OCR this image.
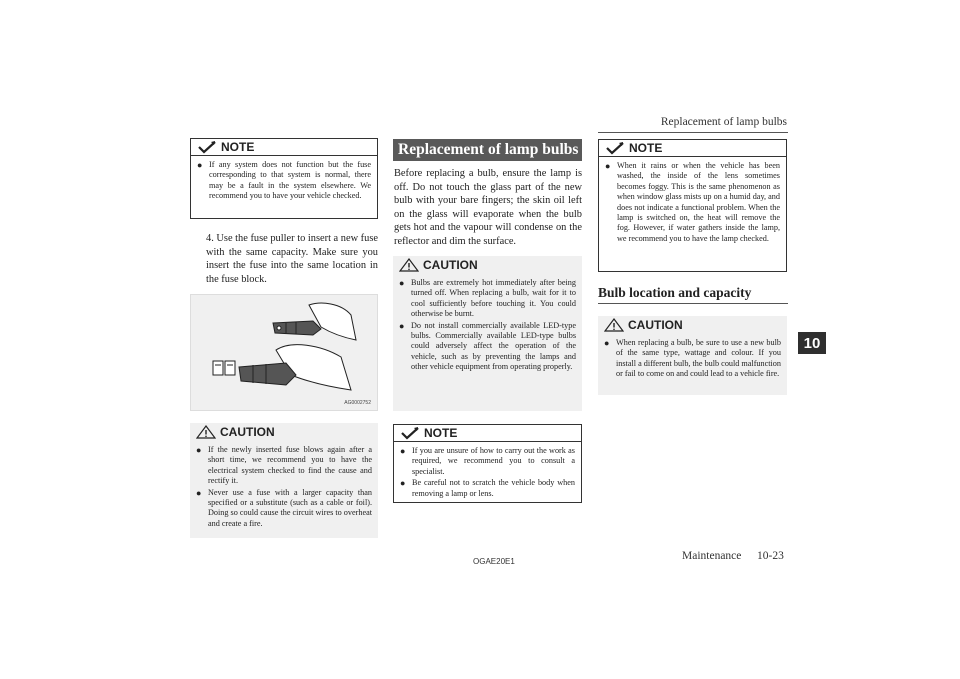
Replacement of lamp bulbs
10
NOTE
● If any system does not function but the fuse corresponding to that system is normal, there may be a fault in the system elsewhere. We recommend you to have your vehicle checked.
4. Use the fuse puller to insert a new fuse with the same capacity. Make sure you insert the fuse into the same location in the fuse block.
AG0002752
CAUTION
● If the newly inserted fuse blows again after a short time, we recommend you to have the electrical system checked to find the cause and rectify it.
● Never use a fuse with a larger capacity than specified or a substitute (such as a cable or foil). Doing so could cause the circuit wires to overheat and create a fire.
Replacement of lamp bulbs
Before replacing a bulb, ensure the lamp is off. Do not touch the glass part of the new bulb with your bare fingers; the skin oil left on the glass will evaporate when the bulb gets hot and the vapour will condense on the reflector and dim the surface.
CAUTION
● Bulbs are extremely hot immediately after being turned off. When replacing a bulb, wait for it to cool sufficiently before touching it. You could otherwise be burnt.
● Do not install commercially available LED-type bulbs. Commercially available LED-type bulbs could adversely affect the operation of the vehicle, such as by preventing the lamps and other vehicle equipment from operating properly.
NOTE
● If you are unsure of how to carry out the work as required, we recommend you to consult a specialist.
● Be careful not to scratch the vehicle body when removing a lamp or lens.
NOTE
● When it rains or when the vehicle has been washed, the inside of the lens sometimes becomes foggy. This is the same phenomenon as when window glass mists up on a humid day, and does not indicate a functional problem. When the lamp is switched on, the heat will remove the fog. However, if water gathers inside the lamp, we recommend you to have the lamp checked.
Bulb location and capacity
CAUTION
● When replacing a bulb, be sure to use a new bulb of the same type, wattage and colour. If you install a different bulb, the bulb could malfunction or fail to come on and could lead to a vehicle fire.
OGAE20E1	Maintenance 10-23
